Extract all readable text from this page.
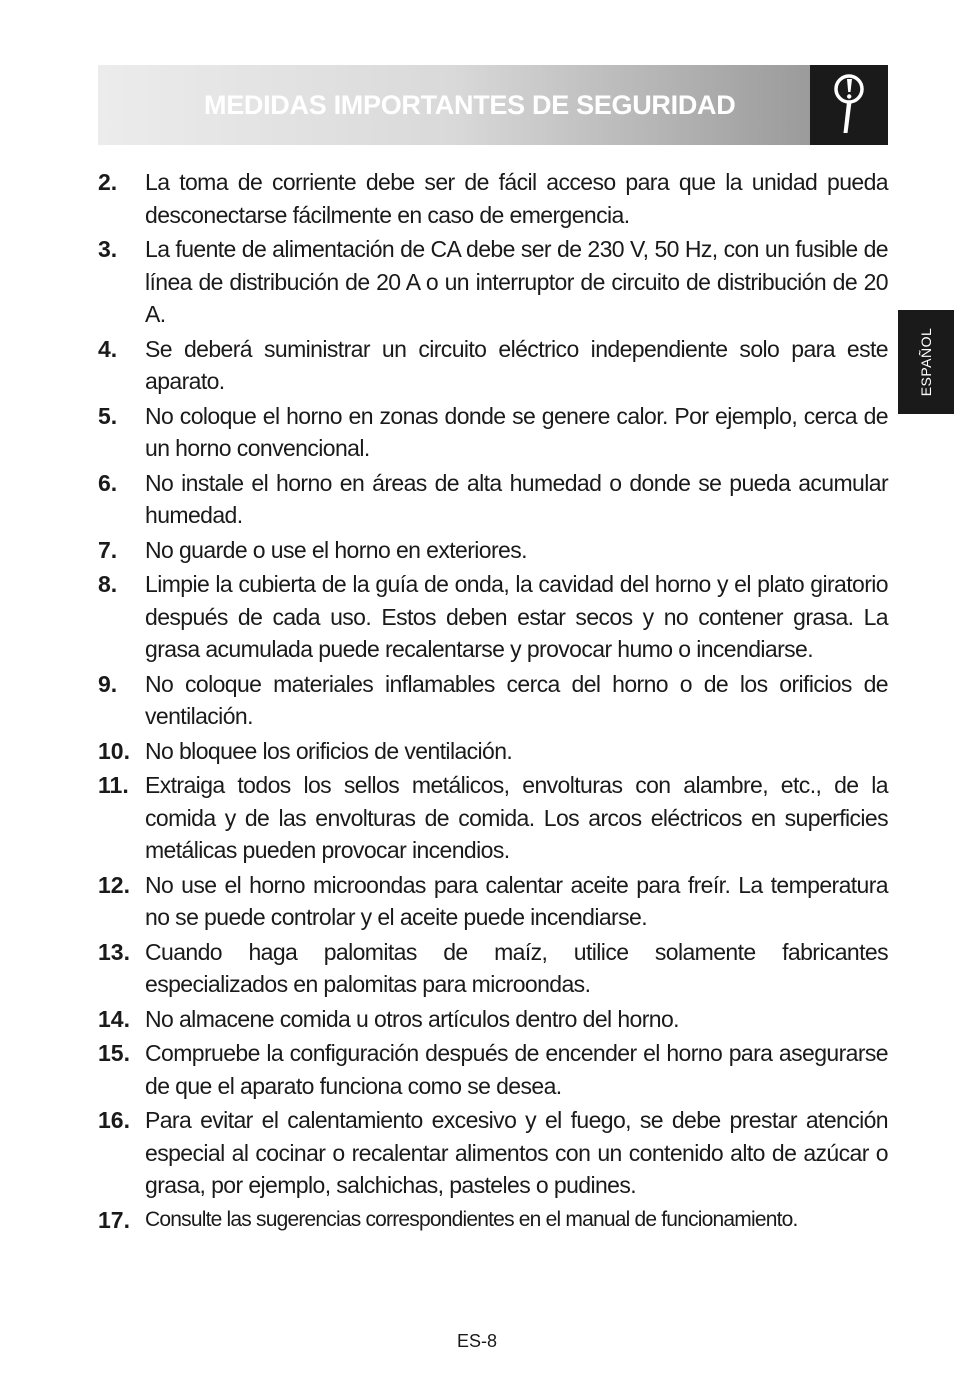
MEDIDAS IMPORTANTES DE SEGURIDAD
ESPAÑOL
2. La toma de corriente debe ser de fácil acceso para que la unidad pueda desconectarse fácilmente en caso de emergencia.

3. La fuente de alimentación de CA debe ser de 230 V, 50 Hz, con un fusible de línea de distribución de 20 A o un interruptor de circuito de distribución de 20 A.

4. Se deberá suministrar un circuito eléctrico independiente solo para este aparato.

5. No coloque el horno en zonas donde se genere calor. Por ejemplo, cerca de un horno convencional.

6. No instale el horno en áreas de alta humedad o donde se pueda acumular humedad.

7. No guarde o use el horno en exteriores.

8. Limpie la cubierta de la guía de onda, la cavidad del horno y el plato giratorio después de cada uso. Estos deben estar secos y no contener grasa. La grasa acumulada puede recalentarse y provocar humo o incendiarse.

9. No coloque materiales inflamables cerca del horno o de los orificios de ventilación.

10. No bloquee los orificios de ventilación.

11. Extraiga todos los sellos metálicos, envolturas con alambre, etc., de la comida y de las envolturas de comida. Los arcos eléctricos en superficies metálicas pueden provocar incendios.

12. No use el horno microondas para calentar aceite para freír. La temperatura no se puede controlar y el aceite puede incendiarse.

13. Cuando haga palomitas de maíz, utilice solamente fabricantes especializados en palomitas para microondas.

14. No almacene comida u otros artículos dentro del horno.

15. Compruebe la configuración después de encender el horno para asegurarse de que el aparato funciona como se desea.

16. Para evitar el calentamiento excesivo y el fuego, se debe prestar atención especial al cocinar o recalentar alimentos con un contenido alto de azúcar o grasa, por ejemplo, salchichas, pasteles o pudines.

17. Consulte las sugerencias correspondientes en el manual de funcionamiento.

ES-8
